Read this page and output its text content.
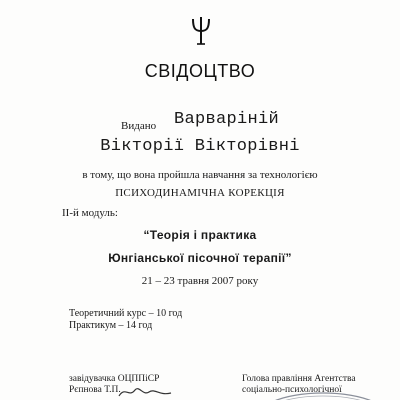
СВІДОЦТВО
Видано Варваріній
Вікторії Вікторівні
в тому, що вона пройшла навчання за технологією
ПСИХОДИНАМІЧНА КОРЕКЦІЯ
ІІ-й модуль:
“Теорія і практика
Юнгіанської пісочної терапії”
21 – 23 травня 2007 року
Теоретичний курс – 10 год
Практикум – 14 год
завідувачка ОЦППіСР
Рєпнова Т.П.
Голова правління Агентства
соціально-психологічної
